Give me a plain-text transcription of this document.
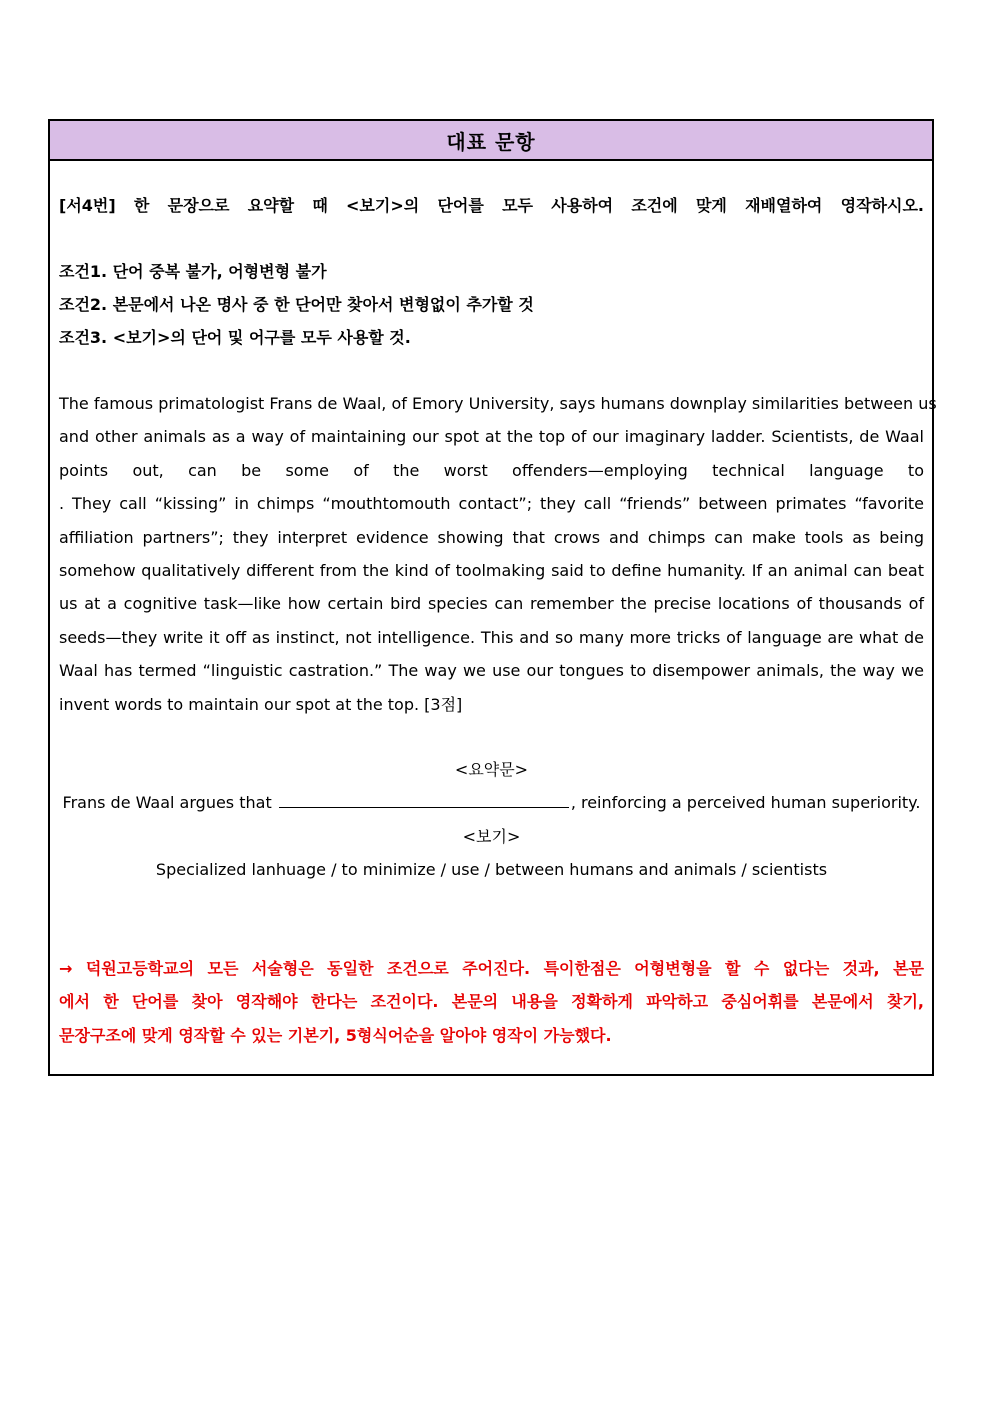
대표 문항
[서4번] 한 문장으로 요약할 때 <보기>의 단어를 모두 사용하여 조건에 맞게 재배열하여 영작하시오.
조건1. 단어 중복 불가, 어형변형 불가
조건2. 본문에서 나온 명사 중 한 단어만 찾아서 변형없이 추가할 것
조건3. <보기>의 단어 및 어구를 모두 사용할 것.
The famous primatologist Frans de Waal, of Emory University, says humans downplay similarities between us
and other animals as a way of maintaining our spot at the top of our imaginary ladder. Scientists, de Waal
points out, can be some of the worst offenders—employing technical language to
. They call “kissing” in chimps “mouthtomouth contact”; they call “friends” between primates “favorite
affiliation partners”; they interpret evidence showing that crows and chimps can make tools as being
somehow qualitatively different from the kind of toolmaking said to define humanity. If an animal can beat
us at a cognitive task—like how certain bird species can remember the precise locations of thousands of
seeds—they write it off as instinct, not intelligence. This and so many more tricks of language are what de
Waal has termed “linguistic castration.” The way we use our tongues to disempower animals, the way we
invent words to maintain our spot at the top. [3점]
<요약문>
Frans de Waal argues that	, reinforcing a perceived human superiority.
<보기>
Specialized lanhuage / to minimize / use / between humans and animals / scientists
→ 덕원고등학교의 모든 서술형은 동일한 조건으로 주어진다. 특이한점은 어형변형을 할 수 없다는 것과, 본문
에서 한 단어를 찾아 영작해야 한다는 조건이다. 본문의 내용을 정확하게 파악하고 중심어휘를 본문에서 찾기,
문장구조에 맞게 영작할 수 있는 기본기, 5형식어순을 알아야 영작이 가능했다.
